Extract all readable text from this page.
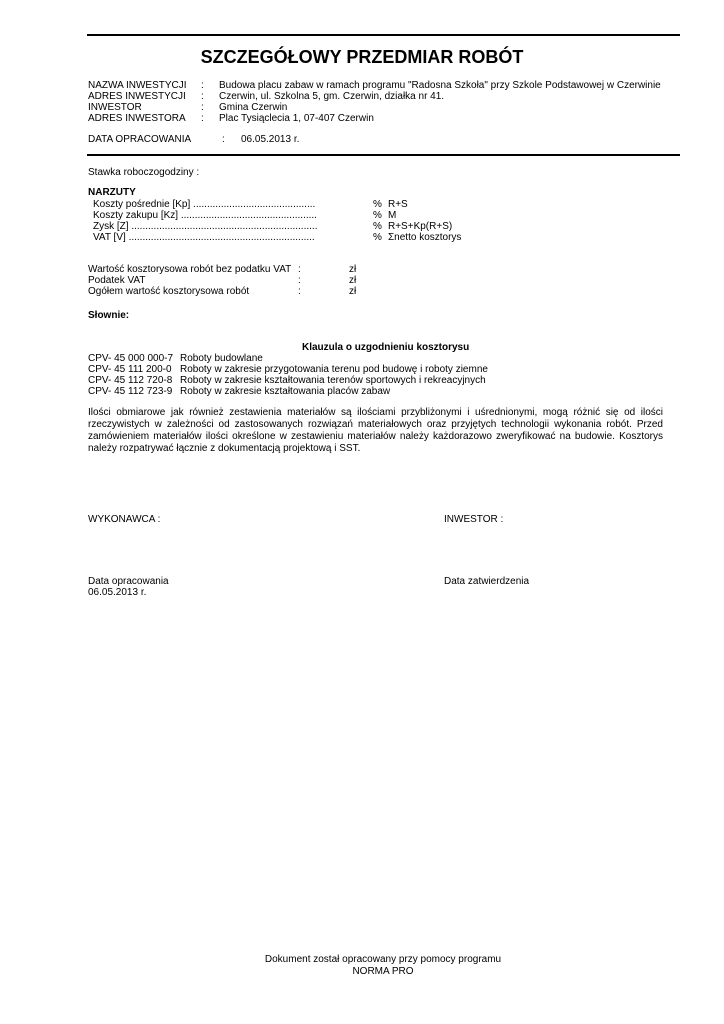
SZCZEGÓŁOWY PRZEDMIAR ROBÓT
NAZWA INWESTYCJI : Budowa placu zabaw w ramach programu "Radosna Szkoła" przy Szkole Podstawowej w Czerwinie
ADRES INWESTYCJI : Czerwin, ul. Szkolna 5, gm. Czerwin, działka nr 41.
INWESTOR	: Gmina Czerwin
ADRES INWESTORA : Plac Tysiąclecia 1, 07-407 Czerwin
DATA OPRACOWANIA	: 06.05.2013 r.
Stawka roboczogodziny :
NARZUTY
Koszty pośrednie [Kp] ............................................	% R+S
Koszty zakupu [Kz] .................................................	% M
Zysk [Z] ...................................................................	% R+S+Kp(R+S)
VAT [V] ...................................................................	% Σnetto kosztorys
Wartość kosztorysowa robót bez podatku VAT :	zł
Podatek VAT	:	zł
Ogółem wartość kosztorysowa robót	:	zł
Słownie:
Klauzula o uzgodnieniu kosztorysu
CPV- 45 000 000-7 Roboty budowlane
CPV- 45 111 200-0 Roboty w zakresie przygotowania terenu pod budowę i roboty ziemne
CPV- 45 112 720-8 Roboty w zakresie kształtowania terenów sportowych i rekreacyjnych
CPV- 45 112 723-9 Roboty w zakresie kształtowania placów zabaw
Ilości obmiarowe jak również zestawienia materiałów są ilościami przybliżonymi i uśrednionymi, mogą różnić się od ilości rzeczywistych w zależności od zastosowanych rozwiązań materiałowych oraz przyjętych technologii wykonania robót. Przed zamówieniem materiałów ilości określone w zestawieniu materiałów należy każdorazowo zweryfikować na budowie. Kosztorys należy rozpatrywać łącznie z dokumentacją projektową i SST.
WYKONAWCA :	INWESTOR :
Data opracowania
06.05.2013 r.
Data zatwierdzenia
Dokument został opracowany przy pomocy programu
NORMA PRO
